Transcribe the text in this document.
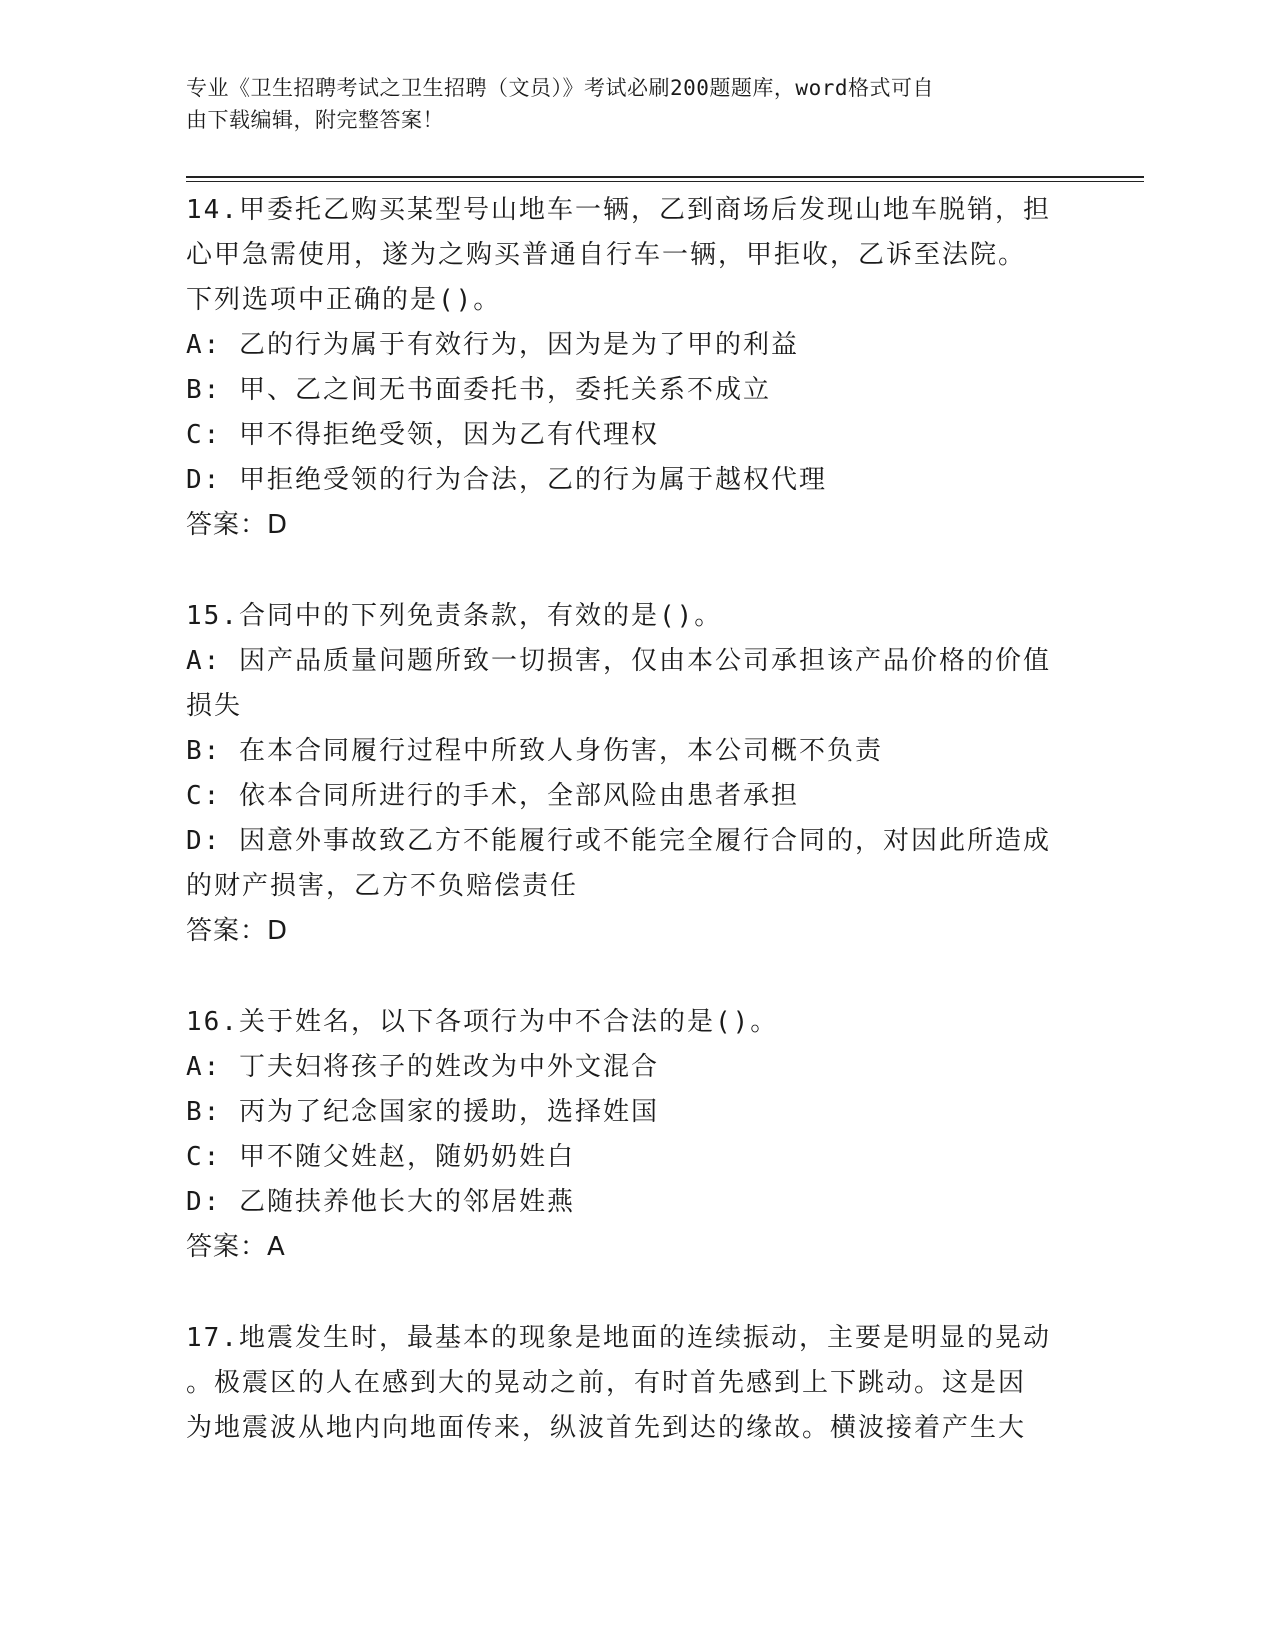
专业《卫生招聘考试之卫生招聘（文员）》考试必刷200题题库，word格式可自
由下载编辑，附完整答案！
14.甲委托乙购买某型号山地车一辆，乙到商场后发现山地车脱销，担
心甲急需使用，遂为之购买普通自行车一辆，甲拒收，乙诉至法院。
下列选项中正确的是()。
A: 乙的行为属于有效行为，因为是为了甲的利益
B: 甲、乙之间无书面委托书，委托关系不成立
C: 甲不得拒绝受领，因为乙有代理权
D: 甲拒绝受领的行为合法，乙的行为属于越权代理
答案：D
15.合同中的下列免责条款，有效的是()。
A: 因产品质量问题所致一切损害，仅由本公司承担该产品价格的价值
损失
B: 在本合同履行过程中所致人身伤害，本公司概不负责
C: 依本合同所进行的手术，全部风险由患者承担
D: 因意外事故致乙方不能履行或不能完全履行合同的，对因此所造成
的财产损害，乙方不负赔偿责任
答案：D
16.关于姓名，以下各项行为中不合法的是()。
A: 丁夫妇将孩子的姓改为中外文混合
B: 丙为了纪念国家的援助，选择姓国
C: 甲不随父姓赵，随奶奶姓白
D: 乙随扶养他长大的邻居姓燕
答案：A
17.地震发生时，最基本的现象是地面的连续振动，主要是明显的晃动
。极震区的人在感到大的晃动之前，有时首先感到上下跳动。这是因
为地震波从地内向地面传来，纵波首先到达的缘故。横波接着产生大
